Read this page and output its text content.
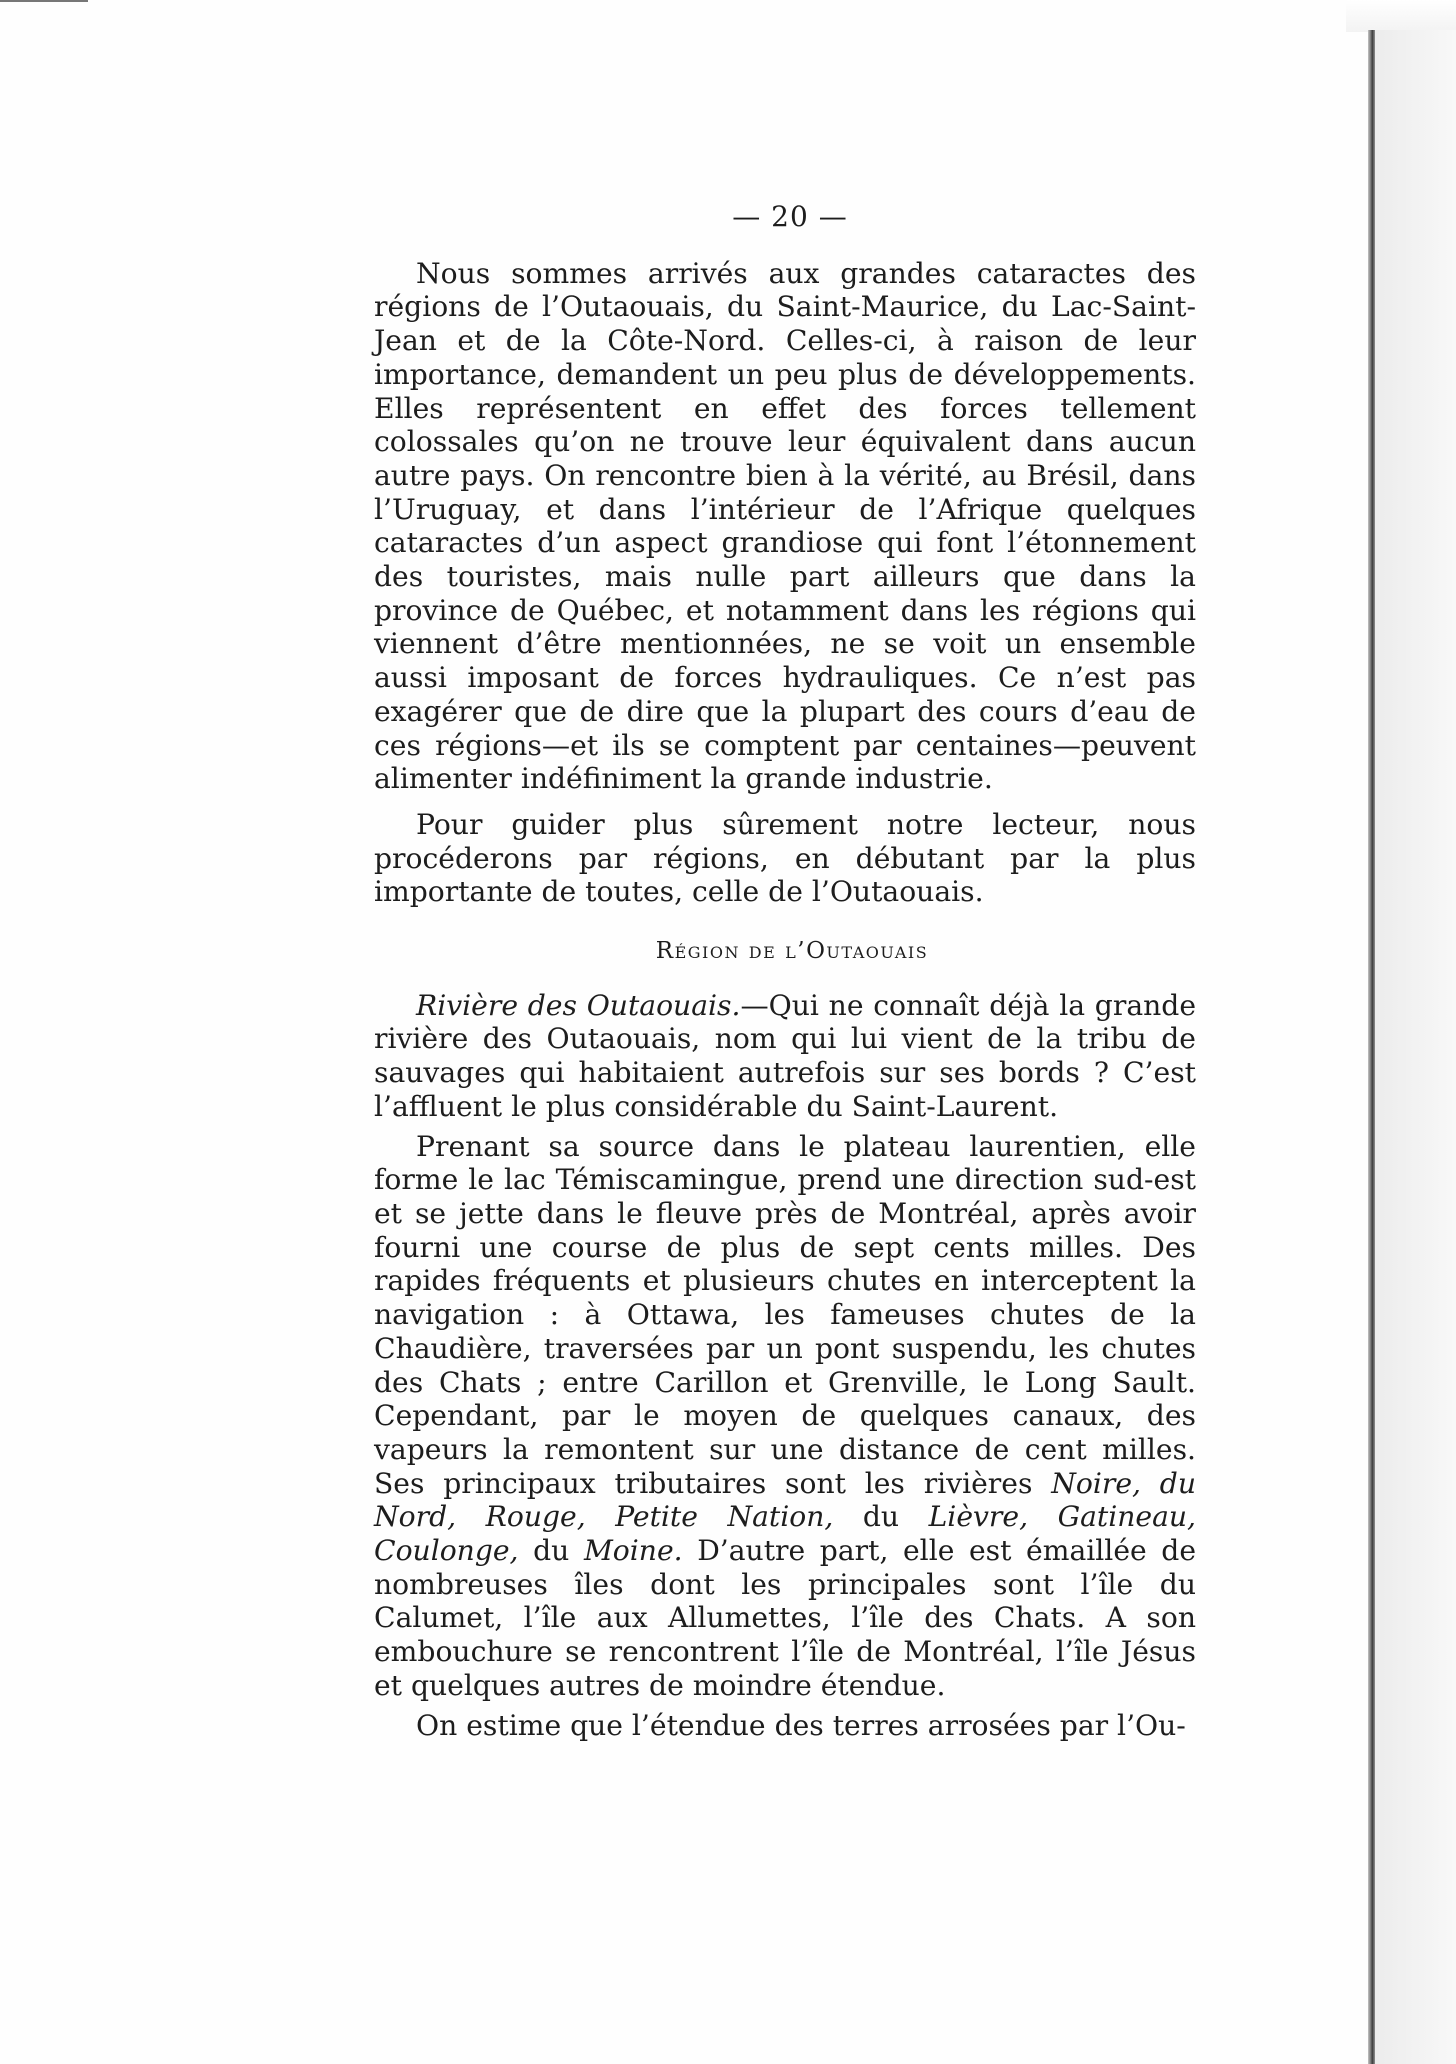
— 20 —

Nous sommes arrivés aux grandes cataractes des régions de l’Outaouais, du Saint-Maurice, du Lac-Saint-Jean et de la Côte-Nord. Celles-ci, à raison de leur importance, demandent un peu plus de développements. Elles représentent en effet des forces tellement colossales qu’on ne trouve leur équivalent dans aucun autre pays. On rencontre bien à la vérité, au Brésil, dans l’Uruguay, et dans l’intérieur de l’Afrique quelques cataractes d’un aspect grandiose qui font l’étonnement des touristes, mais nulle part ailleurs que dans la province de Québec, et notamment dans les régions qui viennent d’être mentionnées, ne se voit un ensemble aussi imposant de forces hydrauliques. Ce n’est pas exagérer que de dire que la plupart des cours d’eau de ces régions—et ils se comptent par centaines—peuvent alimenter indéfiniment la grande industrie.

Pour guider plus sûrement notre lecteur, nous procéderons par régions, en débutant par la plus importante de toutes, celle de l’Outaouais.

Région de l’Outaouais

Rivière des Outaouais.—Qui ne connaît déjà la grande rivière des Outaouais, nom qui lui vient de la tribu de sauvages qui habitaient autrefois sur ses bords ? C’est l’affluent le plus considérable du Saint-Laurent.

Prenant sa source dans le plateau laurentien, elle forme le lac Témiscamingue, prend une direction sud-est et se jette dans le fleuve près de Montréal, après avoir fourni une course de plus de sept cents milles. Des rapides fréquents et plusieurs chutes en interceptent la navigation : à Ottawa, les fameuses chutes de la Chaudière, traversées par un pont suspendu, les chutes des Chats ; entre Carillon et Grenville, le Long Sault. Cependant, par le moyen de quelques canaux, des vapeurs la remontent sur une distance de cent milles. Ses principaux tributaires sont les rivières Noire, du Nord, Rouge, Petite Nation, du Lièvre, Gatineau, Coulonge, du Moine. D’autre part, elle est émaillée de nombreuses îles dont les principales sont l’île du Calumet, l’île aux Allumettes, l’île des Chats. A son embouchure se rencontrent l’île de Montréal, l’île Jésus et quelques autres de moindre étendue.

On estime que l’étendue des terres arrosées par l’Ou-
